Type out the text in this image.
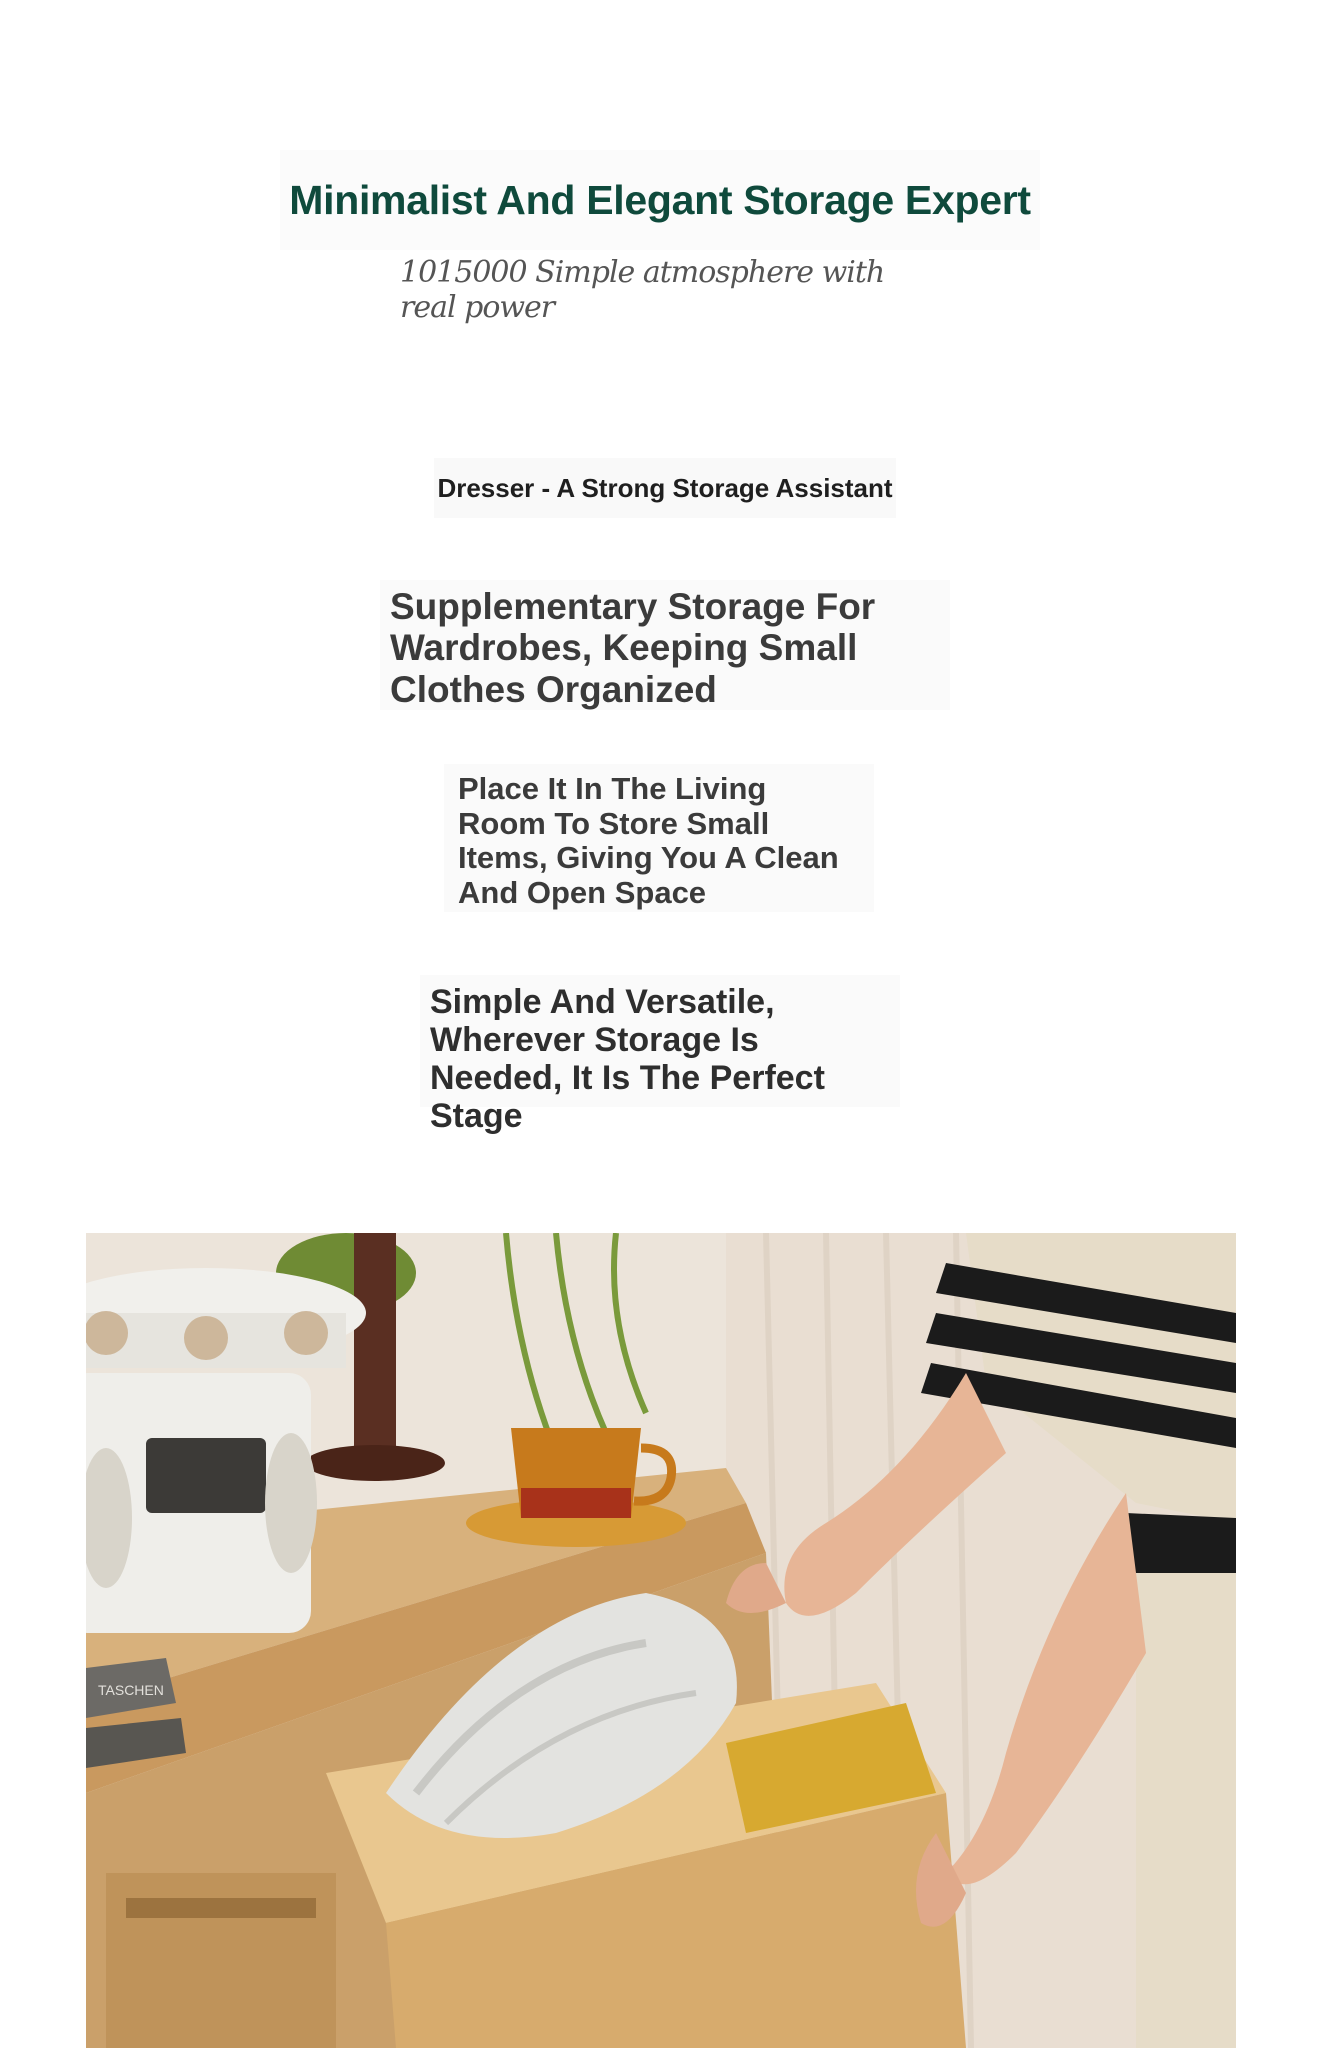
Minimalist And Elegant Storage Expert
1015000 Simple atmosphere with real power
Dresser - A Strong Storage Assistant
Supplementary Storage For Wardrobes, Keeping Small Clothes Organized
Place It In The Living Room To Store Small Items, Giving You A Clean And Open Space
Simple And Versatile, Wherever Storage Is Needed, It Is The Perfect Stage
TASCHEN
